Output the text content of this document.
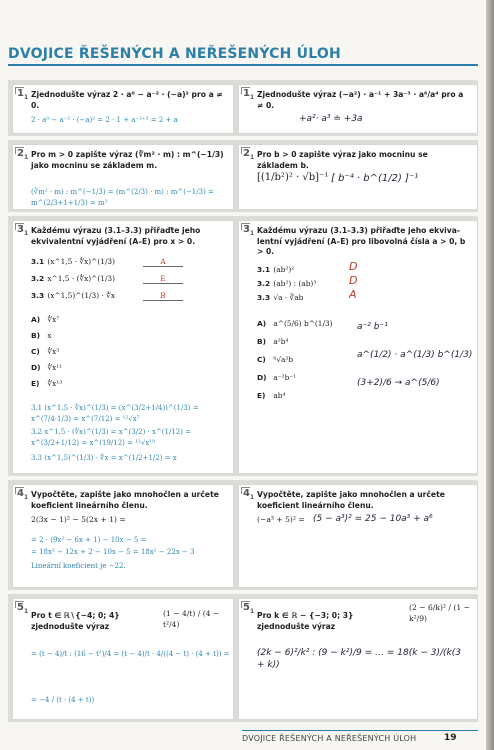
DVOJICE ŘEŠENÝCH A NEŘEŠENÝCH ÚLOH
$1_1$ Zjednodušte výraz 2 · a⁰ − a⁻² · (−a)² pro a ≠ 0.
2 · a⁰ − a⁻² · (−a)² = 2 · 1 + a⁻²⁺² = 2 + a
$1_1$ Zjednodušte výraz (−a²) · a⁻¹ + 3a⁻³ · a⁶/a⁴ pro a ≠ 0.
+a²· a³ ≐ +3a
$2_1$ Pro m > 0 zapište výraz (∛m² · m) : m^(−1/3) jako mocninu se základem m.
(∛m² · m) : m^(−1/3) = (m^(2/3) · m) : m^(−1/3) = m^(2/3+1+1/3) = m²
$2_1$ Pro b > 0 zapište výraz jako mocninu se základem b.
[(1/b²)² · √b]⁻¹ [ b⁻⁴ · b^(1/2) ]⁻¹
$3_1$ Každému výrazu (3.1–3.3) přiřaďte jeho ekvivalentní vyjádření (A–E) pro x > 0.
3.1 (x^1,5 · ∜x)^(1/3)	A
3.2 x^1,5 · (∜x)^(1/3)	E
3.3 (x^1,5)^(1/3) · ∜x	B
A) ∜x⁷
B) x
C) ∜x³
D) ∜x¹¹
E) ∜x¹³
3.1 (x^1,5 · ∜x)^(1/3) = (x^(3/2+1/4))^(1/3) = x^(7/4·1/3) = x^(7/12) = ¹²√x⁷
3.2 x^1,5 · (∜x)^(1/3) = x^(3/2) · x^(1/12) = x^(3/2+1/12) = x^(19/12) = ¹²√x¹⁹
3.3 (x^1,5)^(1/3) · ∜x = x^(1/2+1/2) = x
$3_1$ Každému výrazu (3.1–3.3) přiřaďte jeho ekvivalentní vyjádření (A–E) pro libovolná čísla a > 0, b > 0.
3.1 (ab²)²	D
3.2 (ab²) : (ab)³	D
3.3 √a · ∛ab	A
A) a^(5/6) b^(1/3)
B) a²b⁴
C) ⁶√a²b
D) a⁻²b⁻¹
E) ab⁴
a⁻² b⁻¹
a^(1/2) · a^(1/3) b^(1/3)
(3+2)/6 → a^(5/6)
$4_1$ Vypočtěte, zapište jako mnohočlen a určete koeficient lineárního členu.
2(3x − 1)² − 5(2x + 1) =
= 2 · (9x² − 6x + 1) − 10x − 5 =
= 18x² − 12x + 2 − 10x − 5 = 18x² − 22x − 3
Lineární koeficient je −22.
$4_1$ Vypočtěte, zapište jako mnohočlen a určete koeficient lineárního členu.
(−a³ + 5)² = (5 − a³)² = 25 − 10a³ + a⁶
$5_1$ Pro t ∈ ℝ∖{−4; 0; 4} zjednodušte výraz
(1 − 4/t) / (4 − t²/4)
= (t − 4)/t : (16 − t²)/4 = (t − 4)/t · 4/((4 − t) · (4 + t)) =
= −4 / (t · (4 + t))
$5_1$ Pro k ∈ ℝ − {−3; 0; 3} zjednodušte výraz
(2 − 6/k)² / (1 − k²/9)
(2k − 6)²/k² : (9 − k²)/9 = … = 18(k − 3)/(k(3 + k))
DVOJICE ŘEŠENÝCH A NEŘEŠENÝCH ÚLOH	19
